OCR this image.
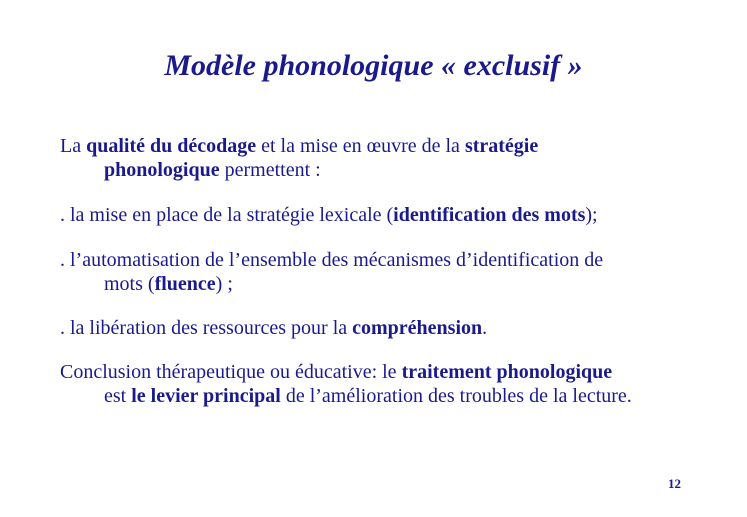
Modèle phonologique « exclusif »
La qualité du décodage et la mise en œuvre de la stratégie
phonologique permettent :
. la mise en place de la stratégie lexicale (identification des mots);
. l’automatisation de l’ensemble des mécanismes d’identification de
mots (fluence) ;
. la libération des ressources pour la compréhension.
Conclusion thérapeutique ou éducative: le traitement phonologique
est le levier principal de l’amélioration des troubles de la lecture.
12
